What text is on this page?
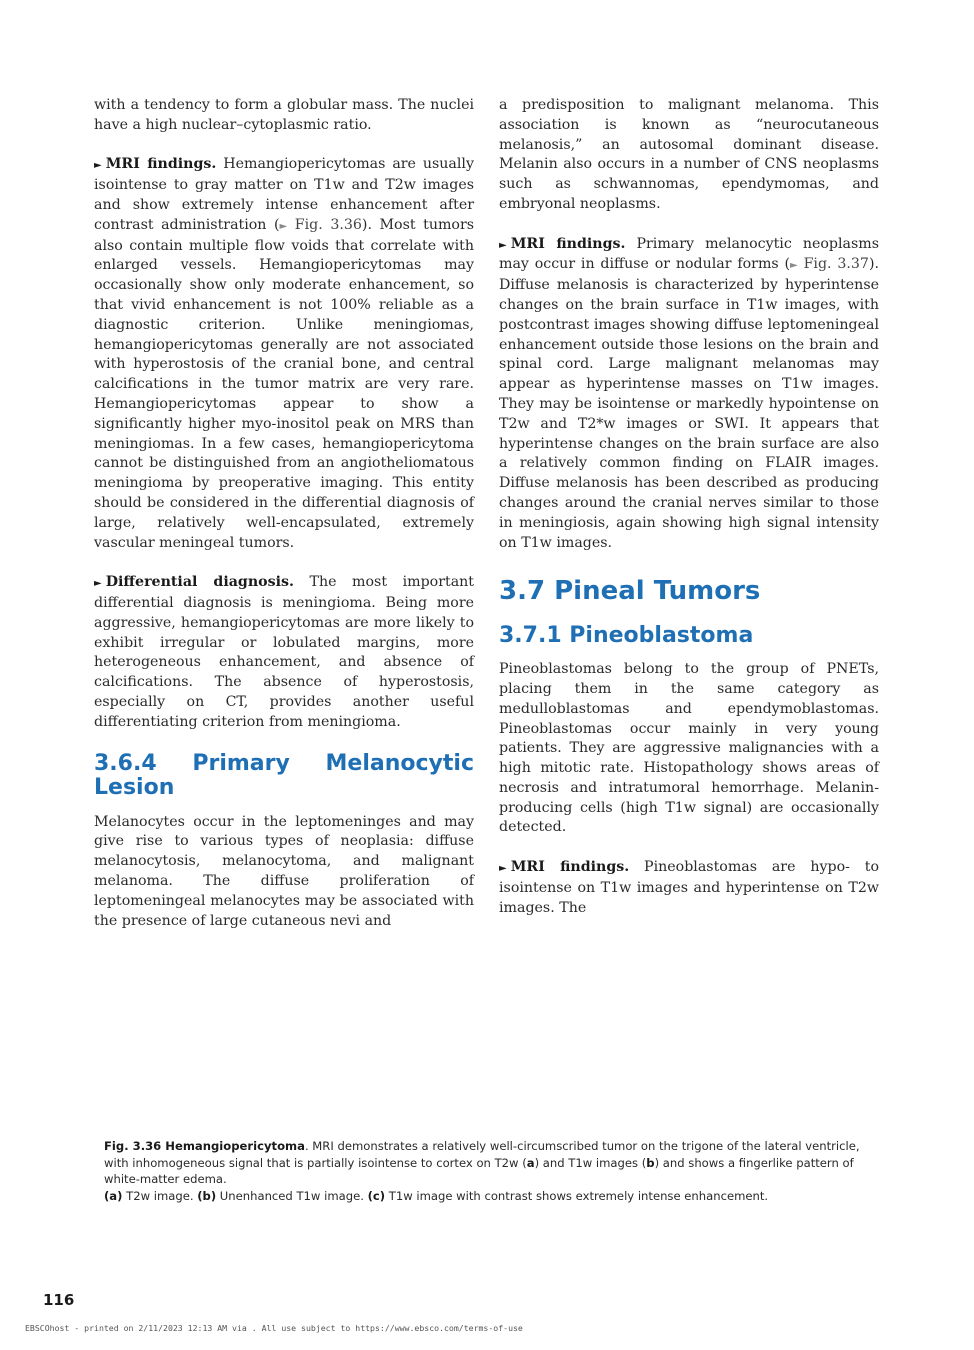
with a tendency to form a globular mass. The nuclei have a high nuclear–cytoplasmic ratio.

► MRI findings. Hemangiopericytomas are usually isointense to gray matter on T1w and T2w images and show extremely intense enhancement after contrast administration (► Fig. 3.36). Most tumors also contain multiple flow voids that correlate with enlarged vessels. Hemangiopericytomas may occasionally show only moderate enhancement, so that vivid enhancement is not 100% reliable as a diagnostic criterion. Unlike meningiomas, hemangiopericytomas generally are not associated with hyperostosis of the cranial bone, and central calcifications in the tumor matrix are very rare. Hemangiopericytomas appear to show a significantly higher myo-inositol peak on MRS than meningiomas. In a few cases, hemangiopericytoma cannot be distinguished from an angiotheliomatous meningioma by preoperative imaging. This entity should be considered in the differential diagnosis of large, relatively well-encapsulated, extremely vascular meningeal tumors.

► Differential diagnosis. The most important differential diagnosis is meningioma. Being more aggressive, hemangiopericytomas are more likely to exhibit irregular or lobulated margins, more heterogeneous enhancement, and absence of calcifications. The absence of hyperostosis, especially on CT, provides another useful differentiating criterion from meningioma.

3.6.4 Primary Melanocytic Lesion

Melanocytes occur in the leptomeninges and may give rise to various types of neoplasia: diffuse melanocytosis, melanocytoma, and malignant melanoma. The diffuse proliferation of leptomeningeal melanocytes may be associated with the presence of large cutaneous nevi and

a predisposition to malignant melanoma. This association is known as “neurocutaneous melanosis,” an autosomal dominant disease. Melanin also occurs in a number of CNS neoplasms such as schwannomas, ependymomas, and embryonal neoplasms.

► MRI findings. Primary melanocytic neoplasms may occur in diffuse or nodular forms (► Fig. 3.37). Diffuse melanosis is characterized by hyperintense changes on the brain surface in T1w images, with postcontrast images showing diffuse leptomeningeal enhancement outside those lesions on the brain and spinal cord. Large malignant melanomas may appear as hyperintense masses on T1w images. They may be isointense or markedly hypointense on T2w and T2*w images or SWI. It appears that hyperintense changes on the brain surface are also a relatively common finding on FLAIR images. Diffuse melanosis has been described as producing changes around the cranial nerves similar to those in meningiosis, again showing high signal intensity on T1w images.

3.7 Pineal Tumors
3.7.1 Pineoblastoma

Pineoblastomas belong to the group of PNETs, placing them in the same category as medulloblastomas and ependymoblastomas. Pineoblastomas occur mainly in very young patients. They are aggressive malignancies with a high mitotic rate. Histopathology shows areas of necrosis and intratumoral hemorrhage. Melanin-producing cells (high T1w signal) are occasionally detected.

► MRI findings. Pineoblastomas are hypo- to isointense on T1w images and hyperintense on T2w images. The

Fig. 3.36 Hemangiopericytoma. MRI demonstrates a relatively well-circumscribed tumor on the trigone of the lateral ventricle, with inhomogeneous signal that is partially isointense to cortex on T2w (a) and T1w images (b) and shows a fingerlike pattern of white-matter edema.

(a) T2w image. (b) Unenhanced T1w image. (c) T1w image with contrast shows extremely intense enhancement.

116
EBSCOhost - printed on 2/11/2023 12:13 AM via . All use subject to https://www.ebsco.com/terms-of-use
